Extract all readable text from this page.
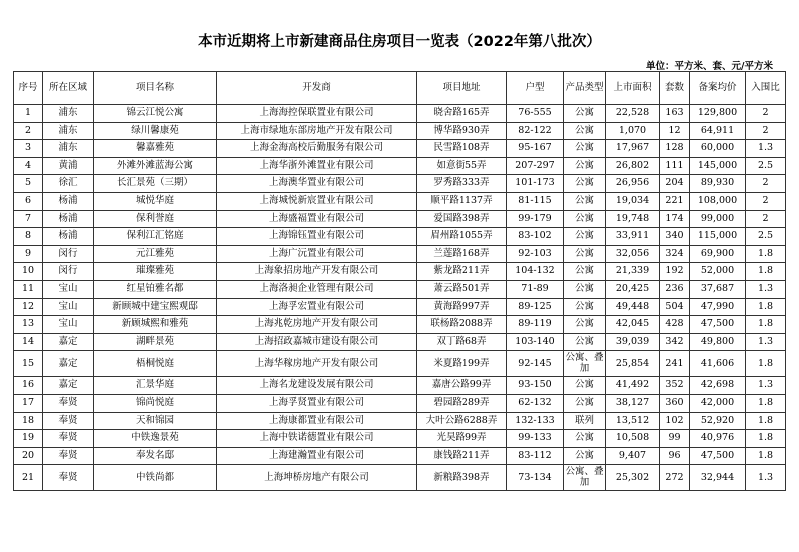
本市近期将上市新建商品住房项目一览表（2022年第八批次）
单位：平方米、套、元/平方米
序号	所在区域	项目名称	开发商	项目地址	户型	产品类型	上市面积	套数	备案均价	入围比
1	浦东	锦云江悦公寓	上海海控保联置业有限公司	晓舍路165弄	76-555	公寓	22,528	163	129,800	2
2	浦东	绿川馨康苑	上海市绿地东部房地产开发有限公司	博华路930弄	82-122	公寓	1,070	12	64,911	2
3	浦东	馨嘉雅苑	上海金海高校后勤服务有限公司	民雪路108弄	95-167	公寓	17,967	128	60,000	1.3
4	黄浦	外滩外滩蓝海公寓	上海华浙外滩置业有限公司	如意街55弄	207-297	公寓	26,802	111	145,000	2.5
5	徐汇	长汇景苑（三期）	上海澳华置业有限公司	罗秀路333弄	101-173	公寓	26,956	204	89,930	2
6	杨浦	城悦华庭	上海城悦新宸置业有限公司	顺平路1137弄	81-115	公寓	19,034	221	108,000	2
7	杨浦	保利誉庭	上海盛福置业有限公司	爱国路398弄	99-179	公寓	19,748	174	99,000	2
8	杨浦	保利江汇铭庭	上海锦钰置业有限公司	眉州路1055弄	83-102	公寓	33,911	340	115,000	2.5
9	闵行	元江雅苑	上海广沅置业有限公司	兰莲路168弄	92-103	公寓	32,056	324	69,900	1.8
10	闵行	璀璨雅苑	上海象招房地产开发有限公司	紫龙路211弄	104-132	公寓	21,339	192	52,000	1.8
11	宝山	红星铂雅名都	上海洛昶企业管理有限公司	萧云路501弄	71-89	公寓	20,425	236	37,687	1.3
12	宝山	新顾城中建宝熙观邸	上海孚宏置业有限公司	黄海路997弄	89-125	公寓	49,448	504	47,990	1.8
13	宝山	新顾城熙和雅苑	上海兆乾房地产开发有限公司	联杨路2088弄	89-119	公寓	42,045	428	47,500	1.8
14	嘉定	湖畔景苑	上海招政嘉城市建设有限公司	双丁路68弄	103-140	公寓	39,039	342	49,800	1.3
15	嘉定	梧桐悦庭	上海华稼房地产开发有限公司	米夏路199弄	92-145	公寓、叠加	25,854	241	41,606	1.8
16	嘉定	汇景华庭	上海名龙建设发展有限公司	嘉唐公路99弄	93-150	公寓	41,492	352	42,698	1.3
17	奉贤	锦尚悦庭	上海孚贤置业有限公司	碧园路289弄	62-132	公寓	38,127	360	42,000	1.8
18	奉贤	天和锦园	上海康都置业有限公司	大叶公路6288弄	132-133	联列	13,512	102	52,920	1.8
19	奉贤	中铁逸景苑	上海中铁诺德置业有限公司	光昊路99弄	99-133	公寓	10,508	99	40,976	1.8
20	奉贤	奉发名邸	上海建瀚置业有限公司	康钱路211弄	83-112	公寓	9,407	96	47,500	1.8
21	奉贤	中铁尚都	上海坤桥房地产有限公司	新粮路398弄	73-134	公寓、叠加	25,302	272	32,944	1.3
